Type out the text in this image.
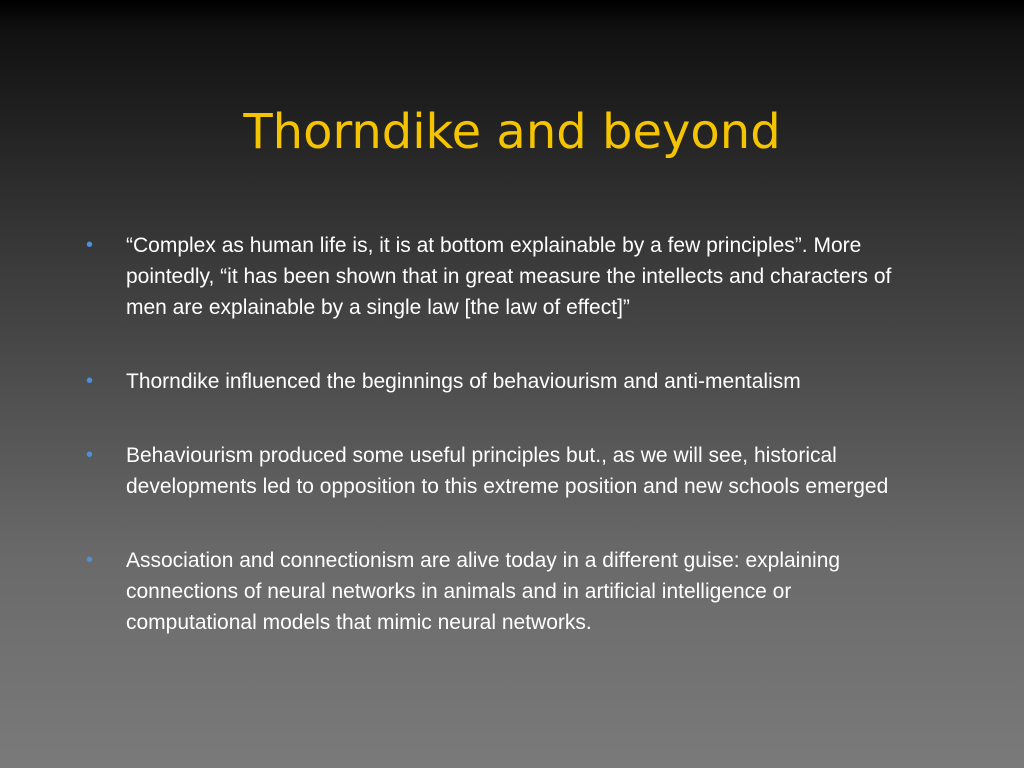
Thorndike and beyond
• “Complex as human life is, it is at bottom explainable by a few principles”. More pointedly, “it has been shown that in great measure the intellects and characters of men are explainable by a single law [the law of effect]”
• Thorndike influenced the beginnings of behaviourism and anti-mentalism
• Behaviourism produced some useful principles but., as we will see, historical developments led to opposition to this extreme position and new schools emerged
• Association and connectionism are alive today in a different guise: explaining connections of neural networks in animals and in artificial intelligence or computational models that mimic neural networks.
